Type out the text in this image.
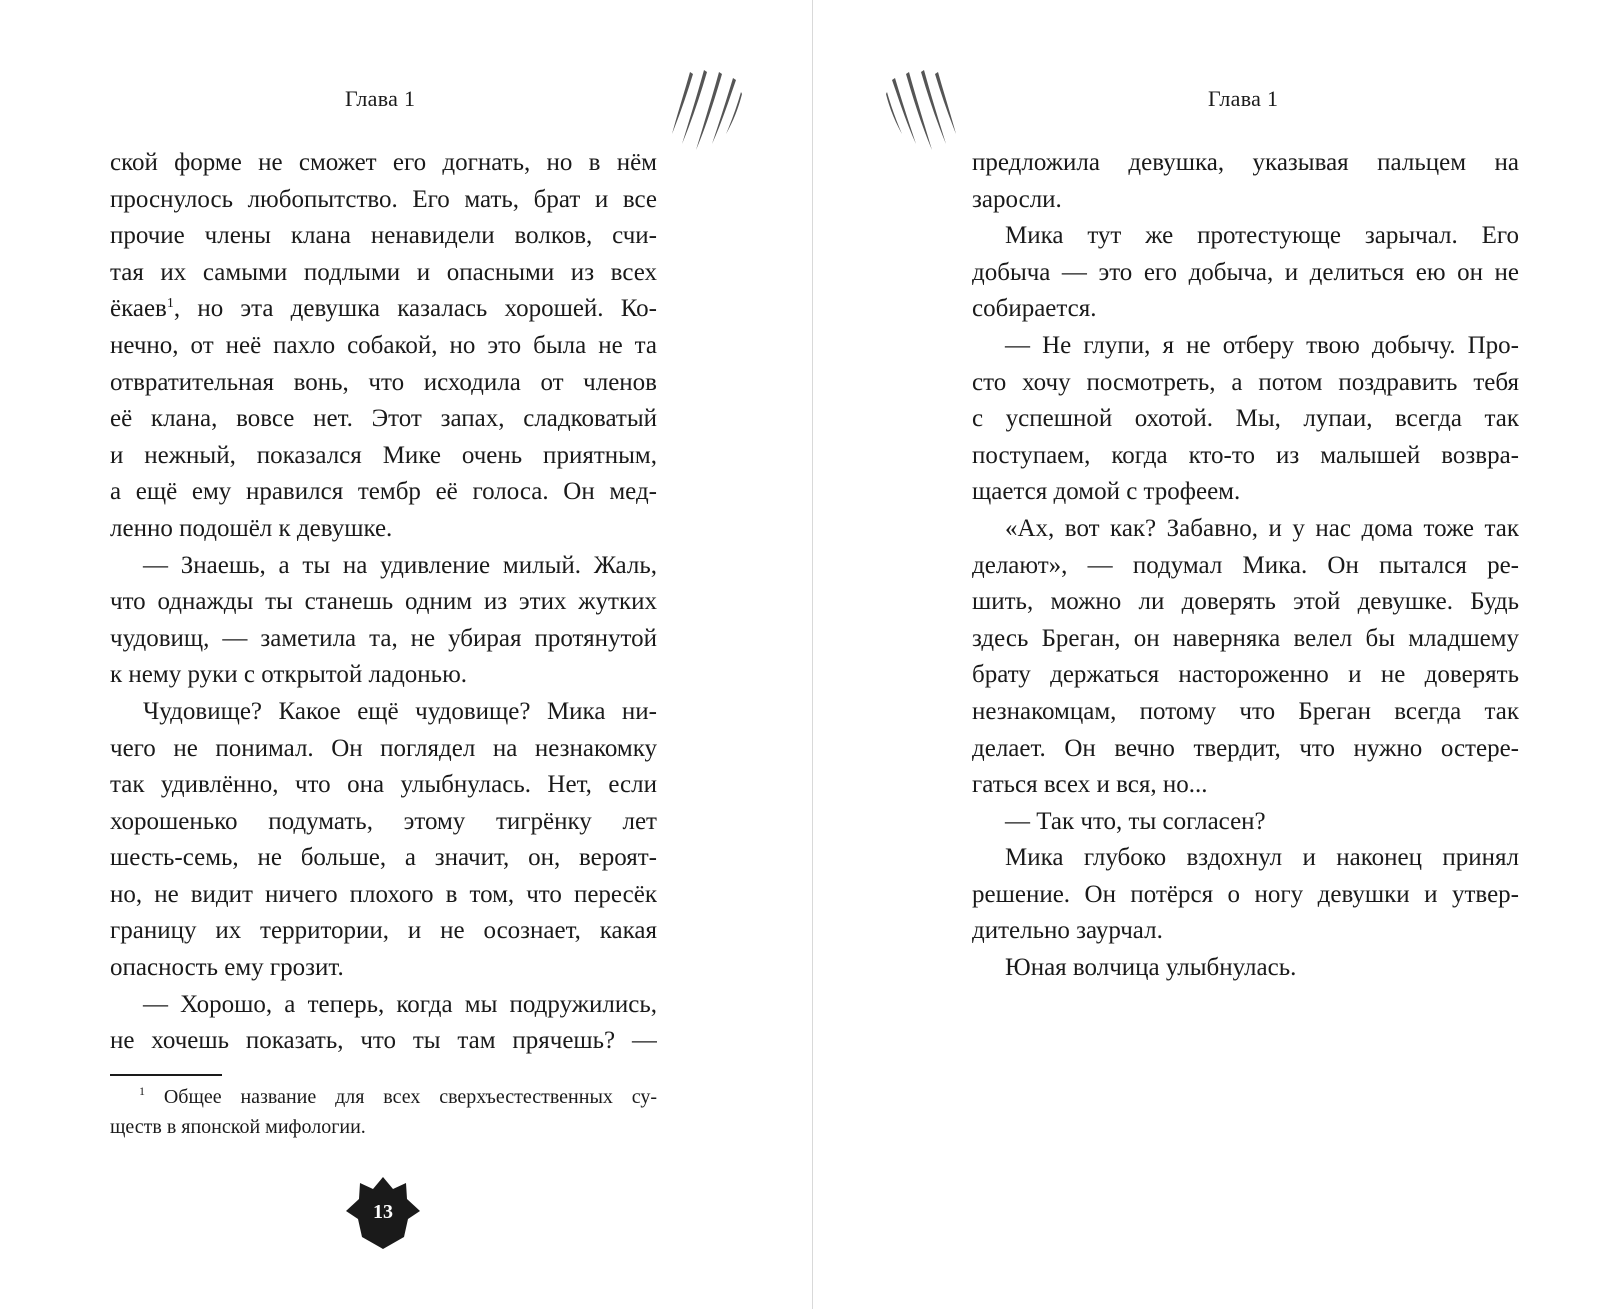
Глава 1
ской форме не сможет его догнать, но в нём
проснулось любопытство. Его мать, брат и все
прочие члены клана ненавидели волков, счи-
тая их самыми подлыми и опасными из всех
ёкаев$^1$, но эта девушка казалась хорошей. Ко-
нечно, от неё пахло собакой, но это была не та
отвратительная вонь, что исходила от членов
её клана, вовсе нет. Этот запах, сладковатый
и нежный, показался Мике очень приятным,
а ещё ему нравился тембр её голоса. Он мед-
ленно подошёл к девушке.
— Знаешь, а ты на удивление милый. Жаль,
что однажды ты станешь одним из этих жутких
чудовищ, — заметила та, не убирая протянутой
к нему руки с открытой ладонью.
Чудовище? Какое ещё чудовище? Мика ни-
чего не понимал. Он поглядел на незнакомку
так удивлённо, что она улыбнулась. Нет, если
хорошенько подумать, этому тигрёнку лет
шесть-семь, не больше, а значит, он, вероят-
но, не видит ничего плохого в том, что пересёк
границу их территории, и не осознает, какая
опасность ему грозит.
— Хорошо, а теперь, когда мы подружились,
не хочешь показать, что ты там прячешь? —
$^1$ Общее название для всех сверхъестественных су-
ществ в японской мифологии.
13
Глава 1
предложила девушка, указывая пальцем на
заросли.
Мика тут же протестующе зарычал. Его
добыча — это его добыча, и делиться ею он не
собирается.
— Не глупи, я не отберу твою добычу. Про-
сто хочу посмотреть, а потом поздравить тебя
с успешной охотой. Мы, лупаи, всегда так
поступаем, когда кто-то из малышей возвра-
щается домой с трофеем.
«Ах, вот как? Забавно, и у нас дома тоже так
делают», — подумал Мика. Он пытался ре-
шить, можно ли доверять этой девушке. Будь
здесь Бреган, он наверняка велел бы младшему
брату держаться настороженно и не доверять
незнакомцам, потому что Бреган всегда так
делает. Он вечно твердит, что нужно остере-
гаться всех и вся, но...
— Так что, ты согласен?
Мика глубоко вздохнул и наконец принял
решение. Он потёрся о ногу девушки и утвер-
дительно заурчал.
Юная волчица улыбнулась.
